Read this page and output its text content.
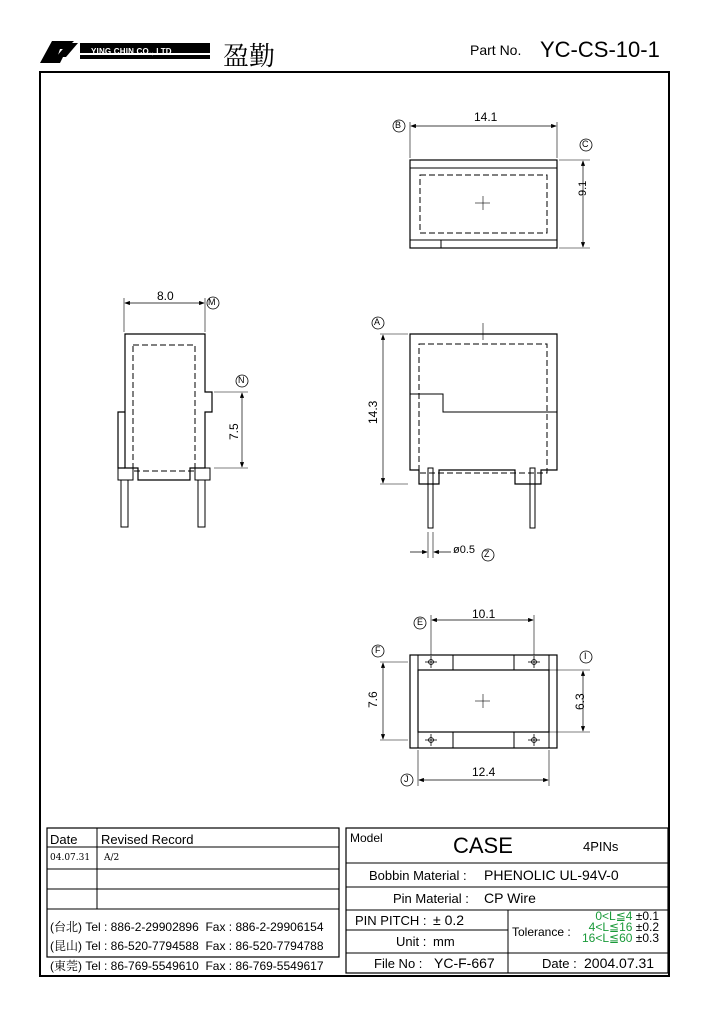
YING CHIN CO., LTD 盈勤	Part No. YC-CS-10-1
14.1
9.1
B
C
8.0
7.5
M
N
14.3
ø0.5
A
Z
10.1
7.6	6.3
12.4
E
F
I
J
Date Revised Record
04.07.31 A/2
(台北) Tel : 886-2-29902896 Fax : 886-2-29906154
(昆山) Tel : 86-520-7794588 Fax : 86-520-7794788
(東莞) Tel : 86-769-5549610 Fax : 86-769-5549617
Model	CASE	4PINs
Bobbin Material : PHENOLIC UL-94V-0
Pin Material : CP Wire
PIN PITCH : ± 0.2
Unit : mm
Tolerance :
0<L≦4 ±0.1
4<L≦16 ±0.2
16<L≦60 ±0.3
File No : YC-F-667	Date : 2004.07.31
